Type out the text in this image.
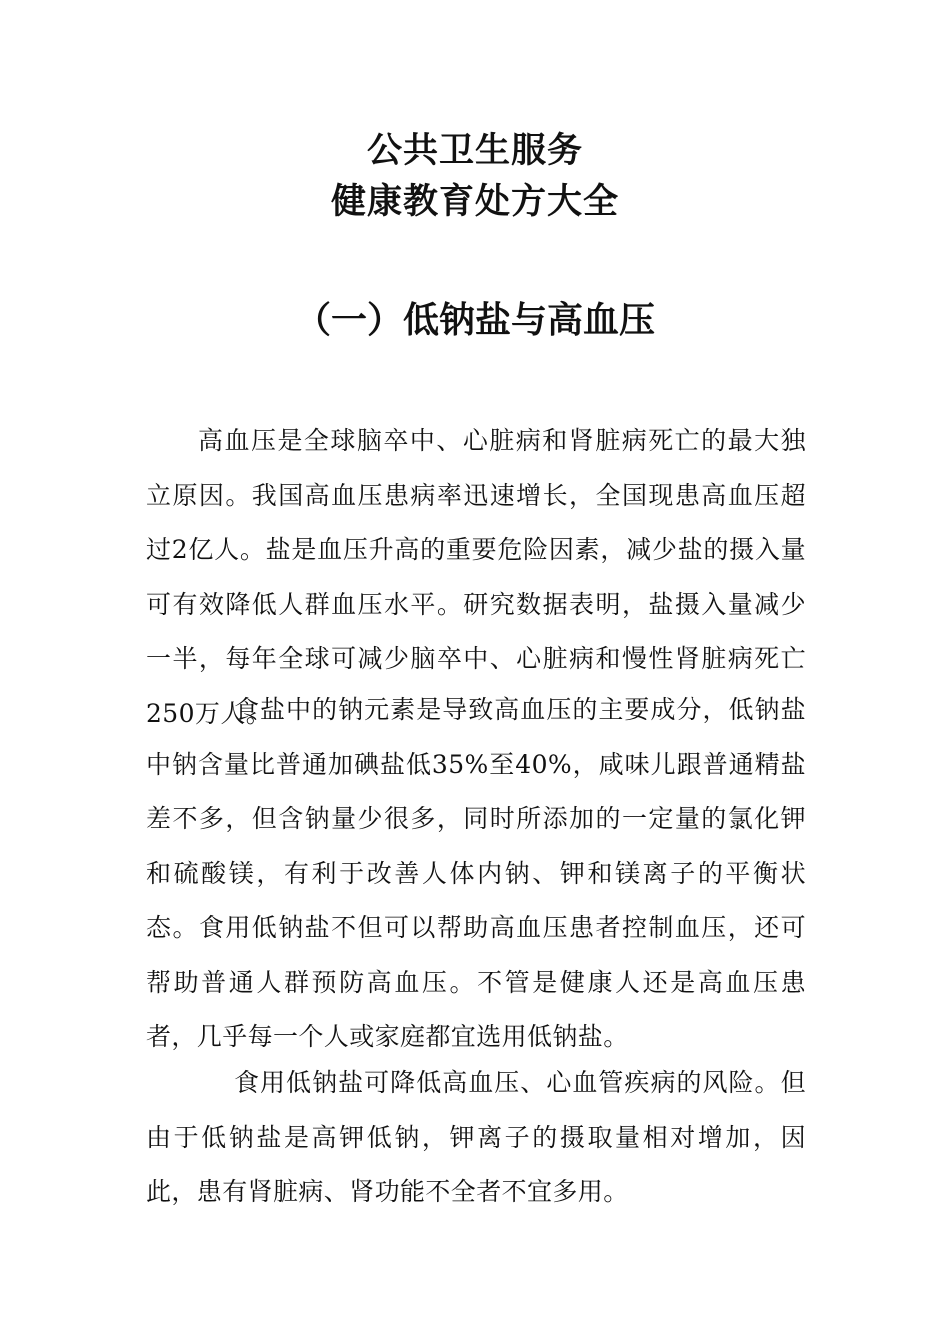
公共卫生服务
健康教育处方大全
（一）低钠盐与高血压

高血压是全球脑卒中、心脏病和肾脏病死亡的最大独立原因。我国高血压患病率迅速增长，全国现患高血压超过2亿人。盐是血压升高的重要危险因素，减少盐的摄入量可有效降低人群血压水平。研究数据表明，盐摄入量减少一半，每年全球可减少脑卒中、心脏病和慢性肾脏病死亡250万人。

食盐中的钠元素是导致高血压的主要成分，低钠盐中钠含量比普通加碘盐低35%至40%，咸味儿跟普通精盐差不多，但含钠量少很多，同时所添加的一定量的氯化钾和硫酸镁，有利于改善人体内钠、钾和镁离子的平衡状态。食用低钠盐不但可以帮助高血压患者控制血压，还可帮助普通人群预防高血压。不管是健康人还是高血压患者，几乎每一个人或家庭都宜选用低钠盐。

食用低钠盐可降低高血压、心血管疾病的风险。但由于低钠盐是高钾低钠，钾离子的摄取量相对增加，因此，患有肾脏病、肾功能不全者不宜多用。
